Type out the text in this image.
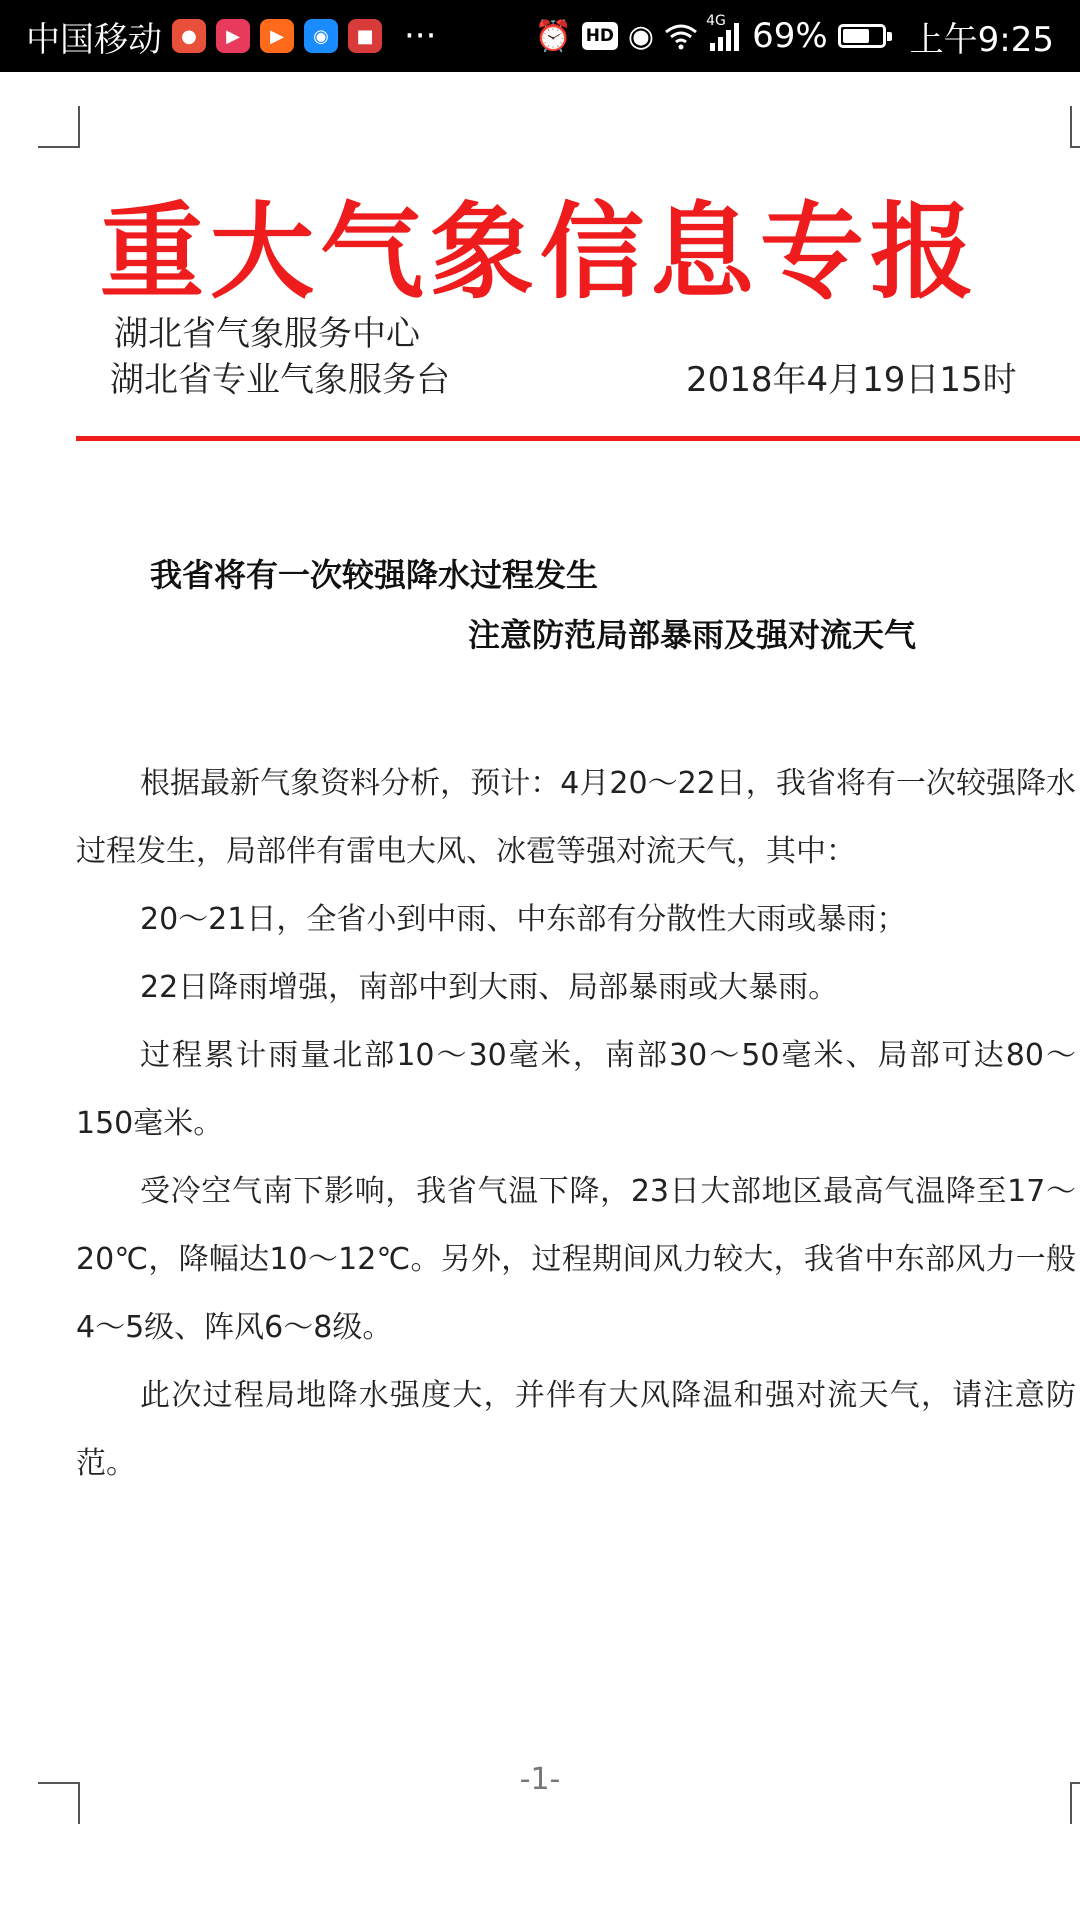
中国移动	●	▶	▶	◉	■ ···	⏰ HD ◉	4G 69% 上午9:25
重大气象信息专报
湖北省气象服务中心
湖北省专业气象服务台	2018年4月19日15时
我省将有一次较强降水过程发生
注意防范局部暴雨及强对流天气

根据最新气象资料分析，预计：4月20～22日，我省将有一次较强降水过程发生，局部伴有雷电大风、冰雹等强对流天气，其中：

20～21日，全省小到中雨、中东部有分散性大雨或暴雨；

22日降雨增强，南部中到大雨、局部暴雨或大暴雨。

过程累计雨量北部10～30毫米，南部30～50毫米、局部可达80～150毫米。

受冷空气南下影响，我省气温下降，23日大部地区最高气温降至17～20℃，降幅达10～12℃。另外，过程期间风力较大，我省中东部风力一般4～5级、阵风6～8级。

此次过程局地降水强度大，并伴有大风降温和强对流天气，请注意防范。

-1-
